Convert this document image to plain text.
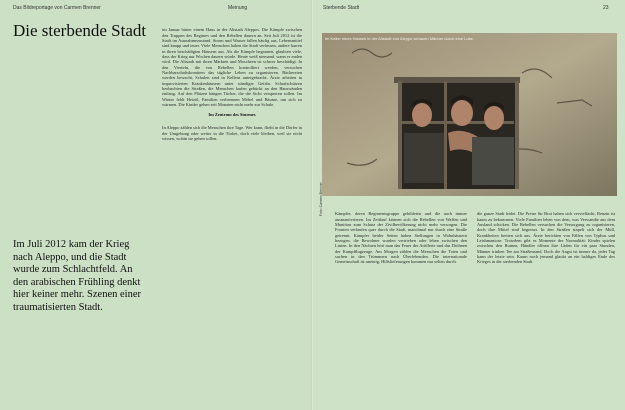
Das Bildreportage von Carmen Brenner	Meinung
Die sterbende Stadt
Im Juli 2012 kam der Krieg nach Aleppo, und die Stadt wurde zum Schlachtfeld. An den arabischen Frühling denkt hier keiner mehr. Szenen einer traumatisierten Stadt.

im Januar hinter einem Haus in der Altstadt Aleppos. Die Kämpfe zwischen den Truppen des Regimes und den Rebellen dauern an. Seit Juli 2012 ist die Stadt im Ausnahmezustand. Strom und Wasser fallen häufig aus, Lebensmittel sind knapp und teuer. Viele Menschen haben die Stadt verlassen, andere harren in ihren beschädigten Häusern aus. Als die Kämpfe begannen, glaubten viele, dass der Krieg nur Wochen dauern würde. Heute weiß niemand, wann er enden wird. Die Altstadt mit ihren Märkten und Moscheen ist schwer beschädigt. In den Vierteln, die von Rebellen kontrolliert werden, versuchen Nachbarschaftskomitees das tägliche Leben zu organisieren. Bäckereien werden bewacht, Schulen sind in Kellern untergebracht. Ärzte arbeiten in improvisierten Krankenhäusern unter ständiger Gefahr. Scharfschützen beobachten die Straßen, die Menschen laufen gebückt an den Hauswänden entlang. Auf den Plätzen hängen Tücher, die die Sicht versperren sollen. Im Winter fehlt Heizöl, Familien verbrennen Möbel und Bäume, um sich zu wärmen. Die Kinder gehen seit Monaten nicht mehr zur Schule.

Im Zentrum des Sturmes

In Aleppo zählen sich die Menschen ihre Tage. Wer kann, flieht in die Dörfer in der Umgebung oder weiter in die Türkei, doch viele bleiben, weil sie nicht wissen, wohin sie gehen sollen.

Sterbende Stadt	23
Im Keller eines Hauses in der Altstadt von Aleppo schauen Männer durch eine Luke.
Foto: Carmen Brenner	Kämpfer, deren Regimentsgruppe gebildeten und die auch immer ausmanövrieren. Im Zeitlauf können sich die Rebellen von Waffen und Munition zum Schutz der Zivilbevölkerung nicht mehr versorgen. Die Fronten verlaufen quer durch die Stadt, manchmal nur durch eine Straße getrennt. Kämpfer beider Seiten haben Stellungen in Wohnhäusern bezogen, die Bewohner wurden vertrieben oder leben zwischen den Linien. In den Nächten hört man das Feuer der Artillerie und das Dröhnen der Kampfflugzeuge. Am Morgen zählen die Menschen die Toten und suchen in den Trümmern nach Überlebenden. Die internationale Gemeinschaft ist uneinig, Hilfslieferungen kommen nur selten durch.

die ganze Stadt leidet. Die Preise für Brot haben sich vervielfacht, Benzin ist kaum zu bekommen. Viele Familien leben von dem, was Verwandte aus dem Ausland schicken. Die Rebellen versuchen die Versorgung zu organisieren, doch ihre Mittel sind begrenzt. In den Straßen stapelt sich der Müll, Krankheiten breiten sich aus. Ärzte berichten von Fällen von Typhus und Leishmaniose. Trotzdem gibt es Momente der Normalität: Kinder spielen zwischen den Ruinen, Händler öffnen ihre Läden für ein paar Stunden, Männer trinken Tee am Straßenrand. Doch die Angst ist immer da, jeder Tag kann der letzte sein. Kaum noch jemand glaubt an ein baldiges Ende des Krieges in der sterbenden Stadt.
